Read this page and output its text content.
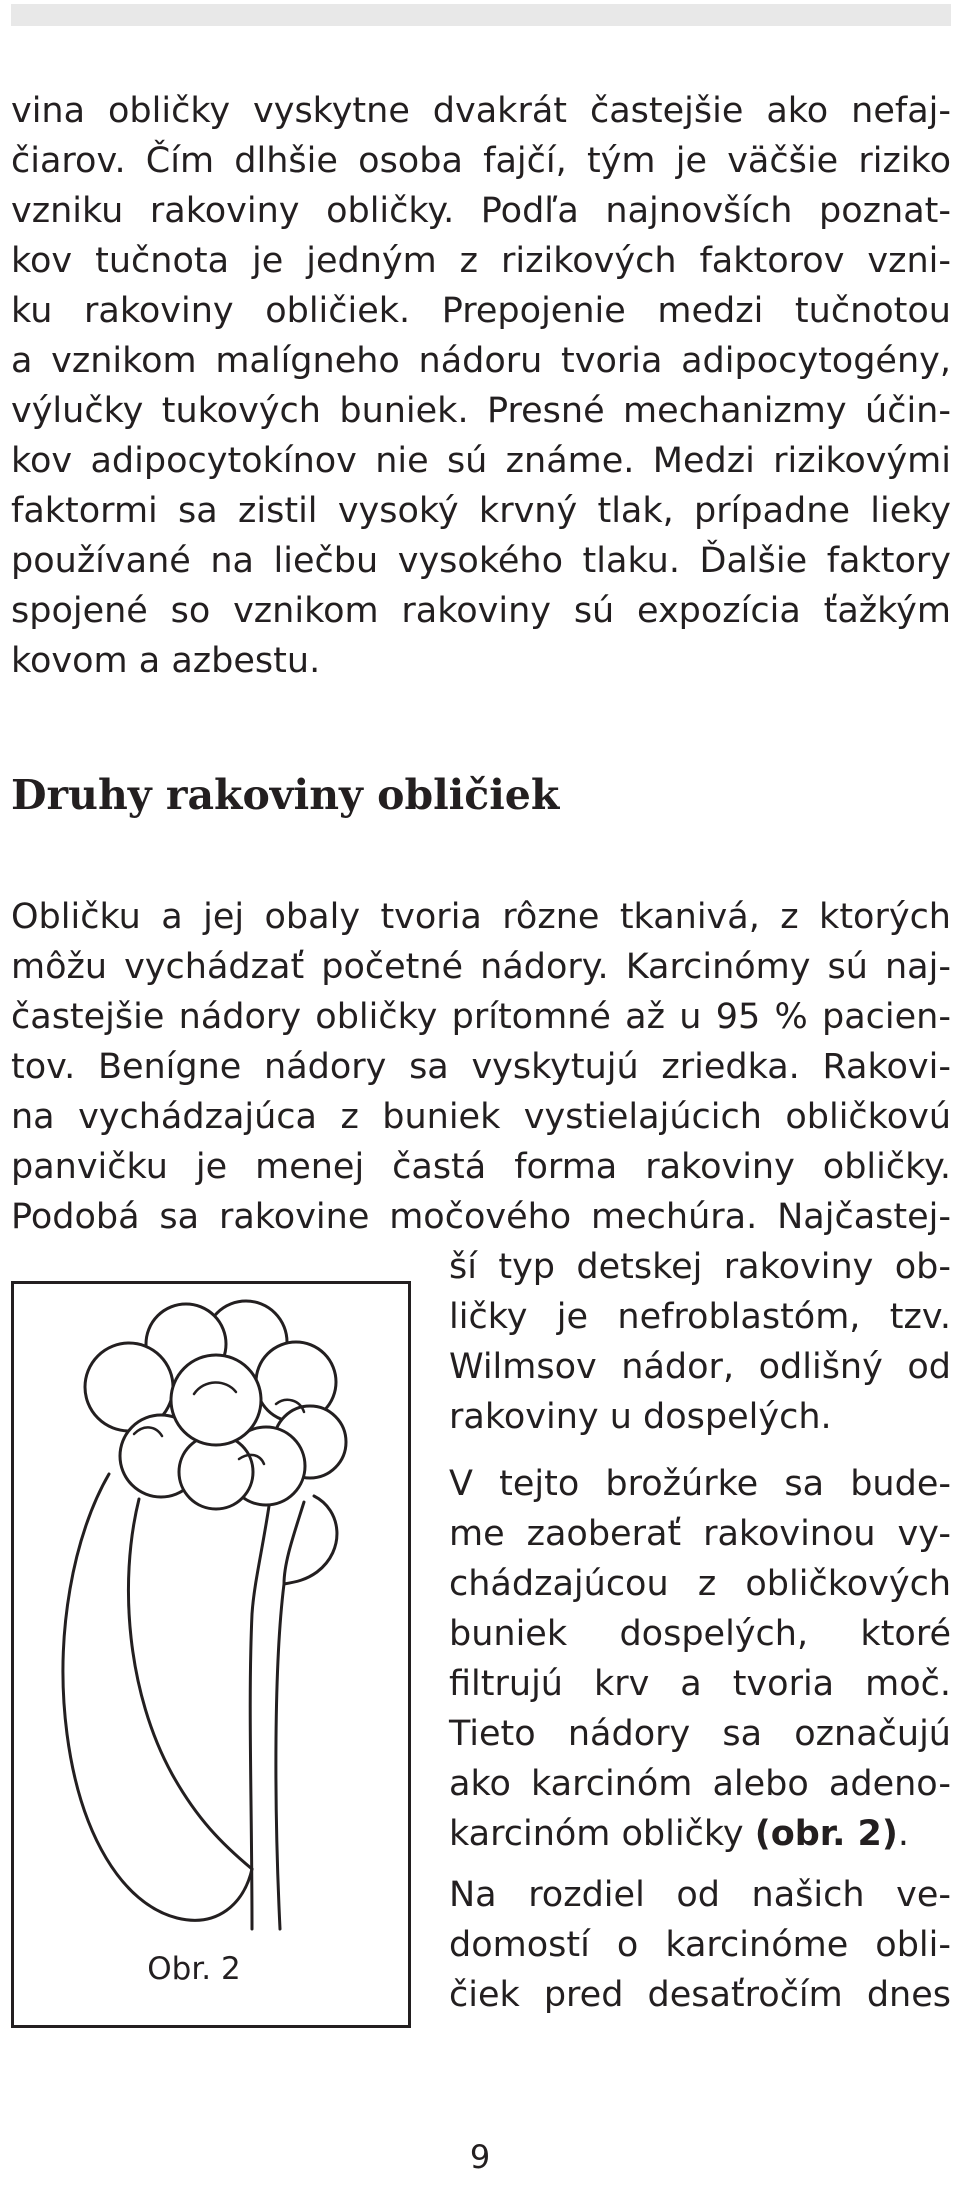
vina obličky vyskytne dvakrát častejšie ako nefaj-
čiarov. Čím dlhšie osoba fajčí, tým je väčšie riziko
vzniku rakoviny obličky. Podľa najnovších poznat-
kov tučnota je jedným z rizikových faktorov vzni-
ku rakoviny obličiek. Prepojenie medzi tučnotou
a vznikom malígneho nádoru tvoria adipocytogény,
výlučky tukových buniek. Presné mechanizmy účin-
kov adipocytokínov nie sú známe. Medzi rizikovými
faktormi sa zistil vysoký krvný tlak, prípadne lieky
používané na liečbu vysokého tlaku. Ďalšie faktory
spojené so vznikom rakoviny sú expozícia ťažkým
kovom a azbestu.
Druhy rakoviny obličiek
Obličku a jej obaly tvoria rôzne tkanivá, z ktorých
môžu vychádzať početné nádory. Karcinómy sú naj-
častejšie nádory obličky prítomné až u 95 % pacien-
tov. Benígne nádory sa vyskytujú zriedka. Rakovi-
na vychádzajúca z buniek vystielajúcich obličkovú
panvičku je menej častá forma rakoviny obličky.
Podobá sa rakovine močového mechúra. Najčastej-
ší typ detskej rakoviny ob-
ličky je nefroblastóm, tzv.
Wilmsov nádor, odlišný od
rakoviny u dospelých.
V tejto brožúrke sa bude-
me zaoberať rakovinou vy-
chádzajúcou z obličkových
buniek dospelých, ktoré
filtrujú krv a tvoria moč.
Tieto nádory sa označujú
ako karcinóm alebo adeno-
karcinóm obličky (obr. 2).
Na rozdiel od našich ve-
domostí o karcinóme obli-
čiek pred desaťročím dnes
Obr. 2
9
